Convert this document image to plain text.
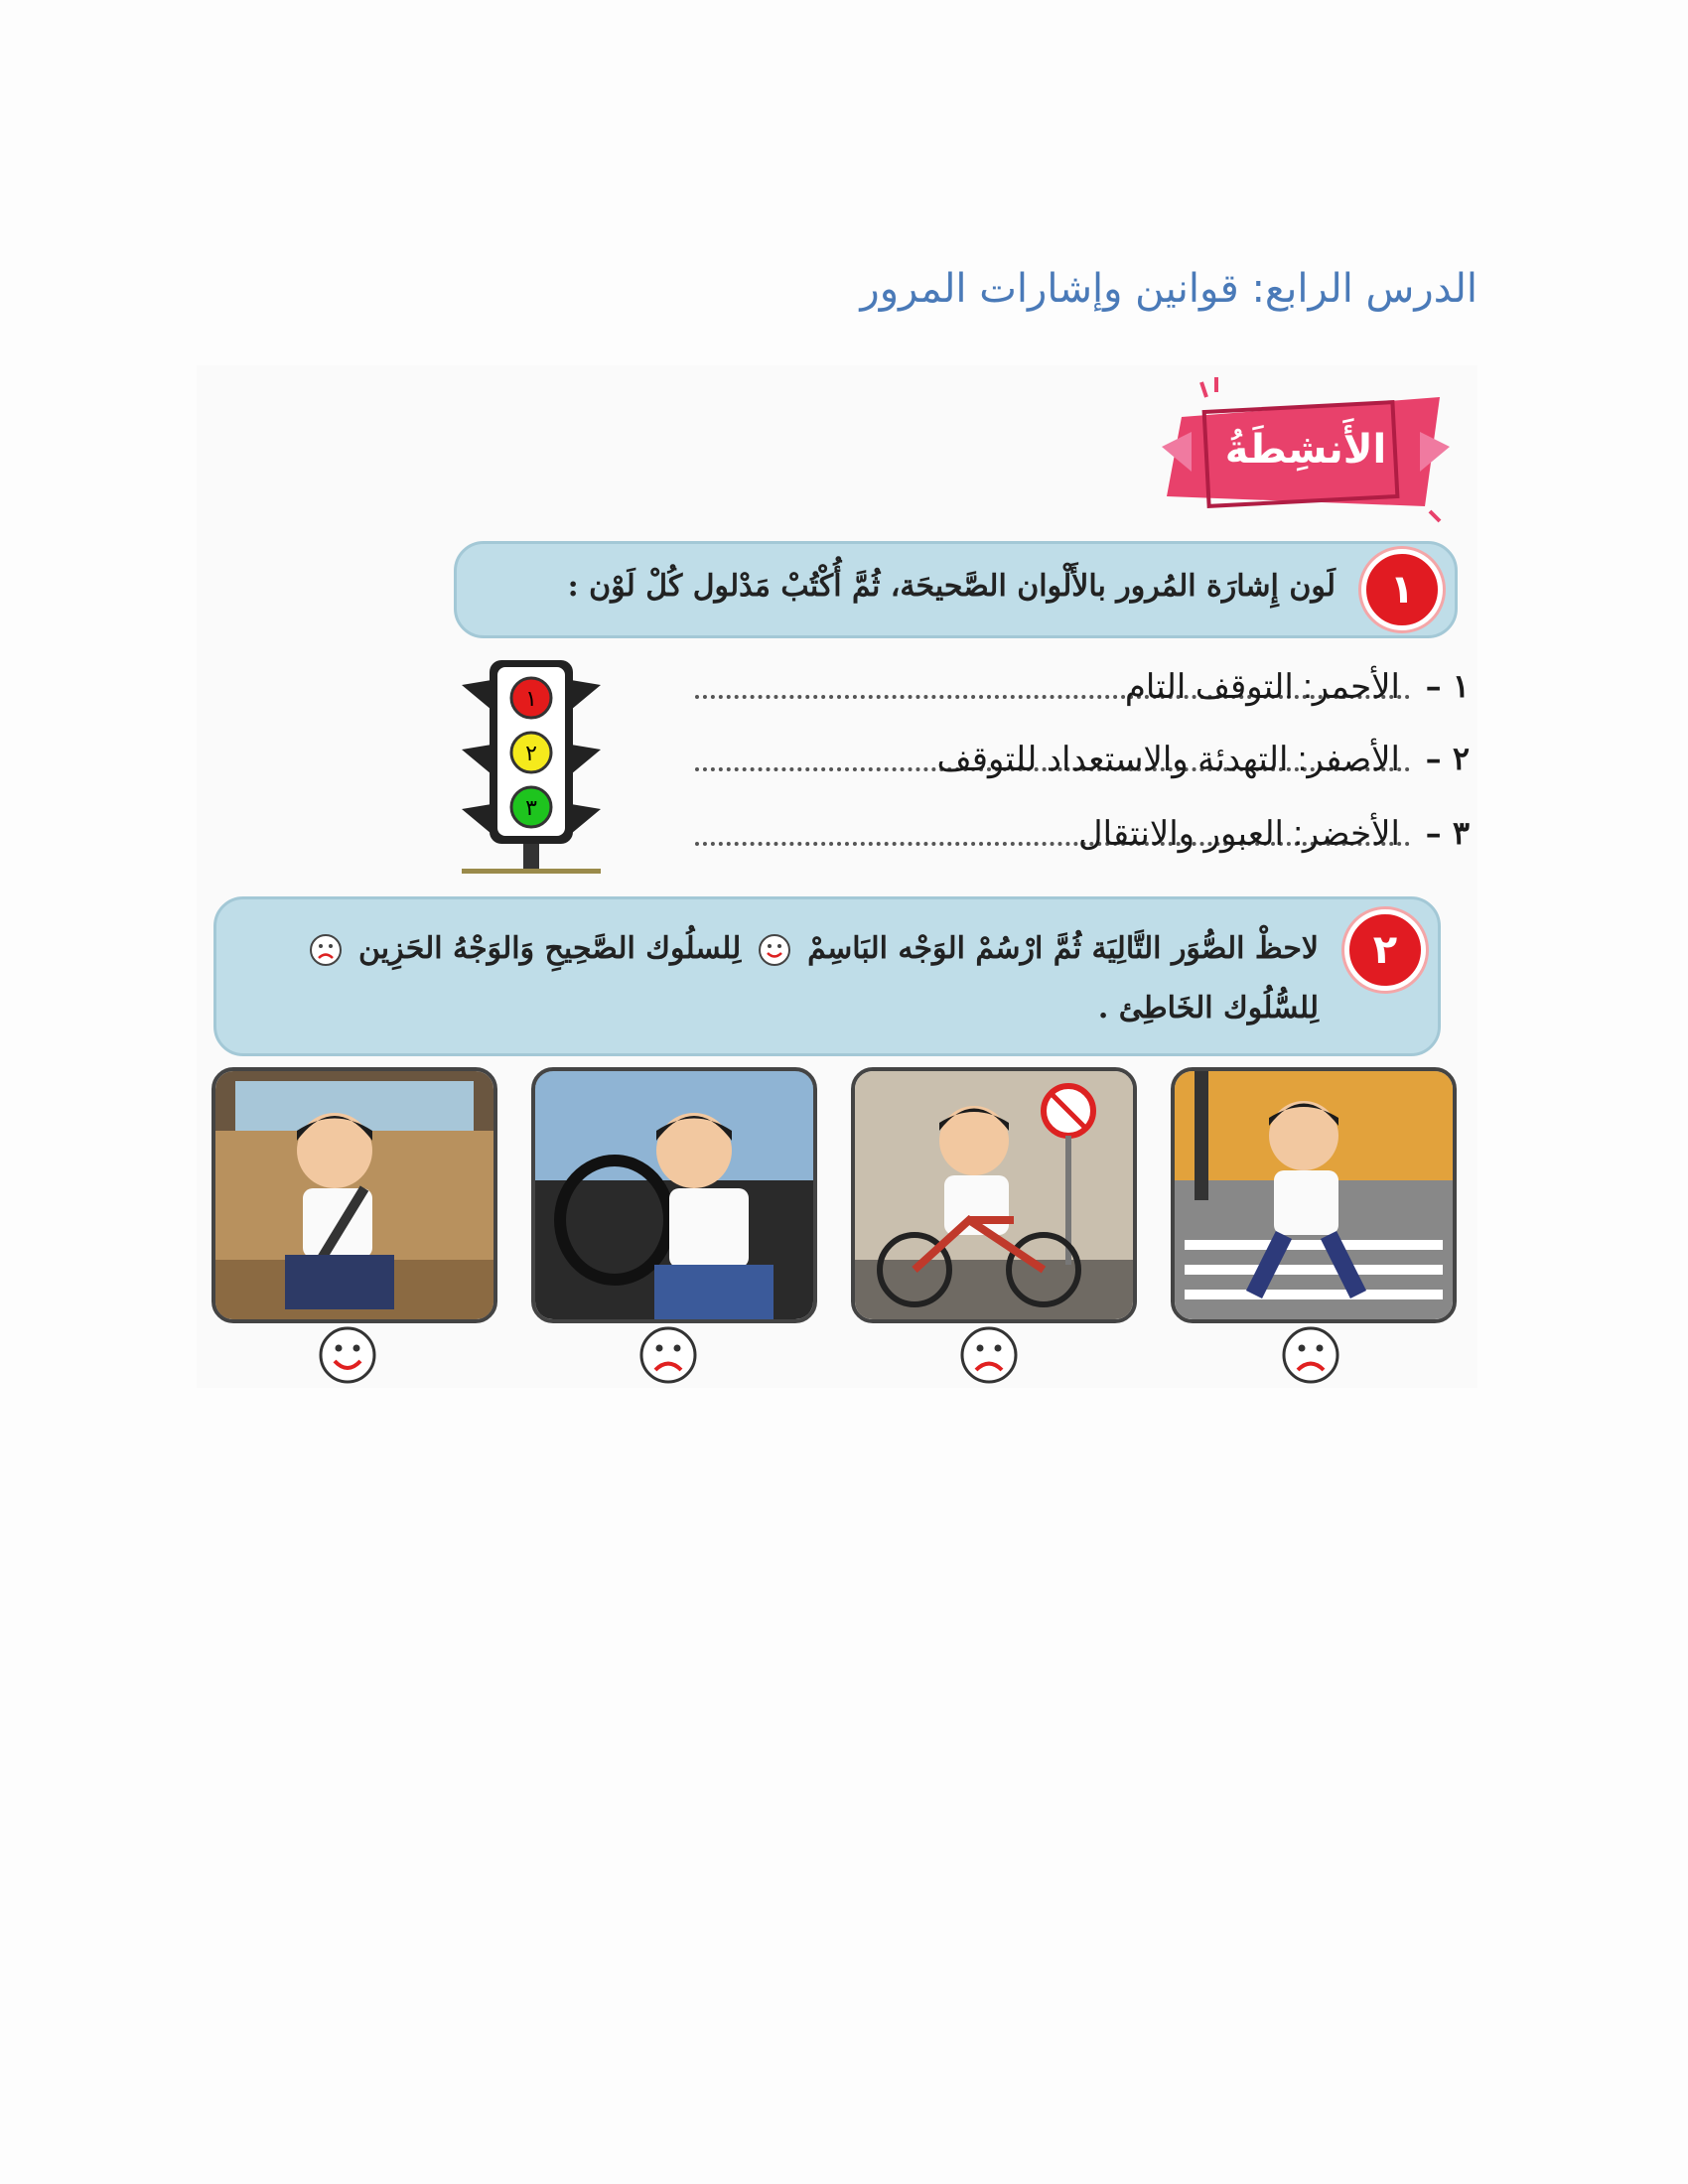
الدرس الرابع: قوانين وإشارات المرور
الأَنشِطَةُ
١
لَون إِشارَة المُرور بالأَلْوان الصَّحيحَة، ثُمَّ أُكْتُبْ مَدْلول كُلْ لَوْن :
١ –
الأحمر: التوقف التام
٢ –
الأصفر: التهدئة والاستعداد للتوقف
٣ –
الأخضر: العبور والانتقال
١
٢
٣
٢
لاحظْ الصُّوَر التَّالِيَة ثُمَّ ارْسُمْ الوَجْه البَاسِمْ  لِلسلُوك الصَّحِيحِ وَالوَجْهُ الحَزِين  لِلسُّلُوك الخَاطِئ .
